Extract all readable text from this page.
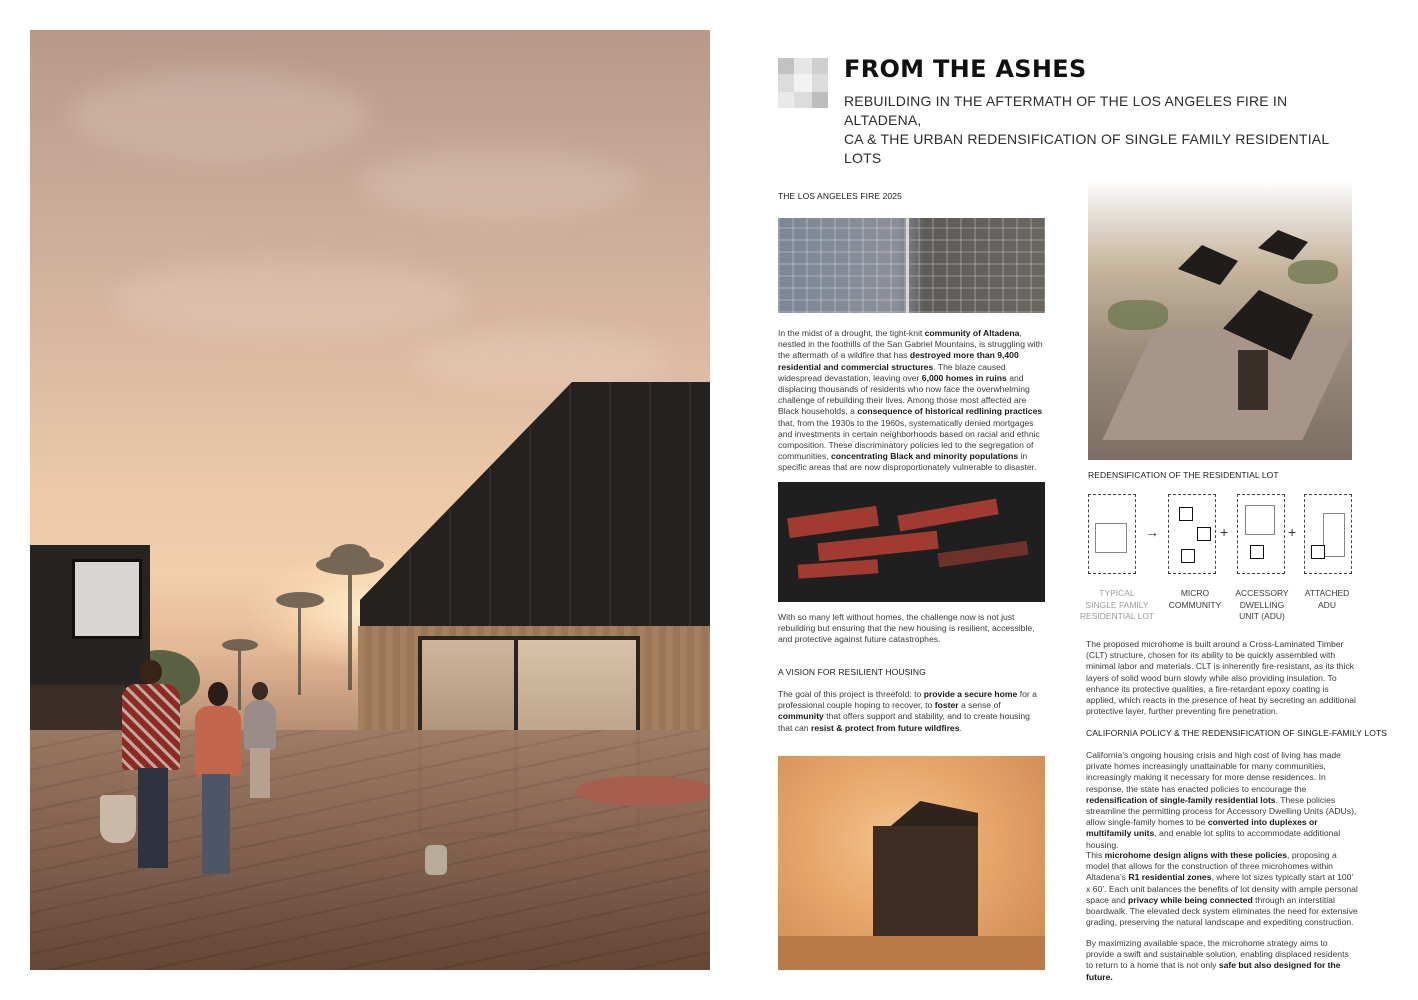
FROM THE ASHES
REBUILDING IN THE AFTERMATH OF THE LOS ANGELES FIRE IN ALTADENA,
CA & THE URBAN REDENSIFICATION OF SINGLE FAMILY RESIDENTIAL LOTS
THE LOS ANGELES FIRE 2025

In the midst of a drought, the tight-knit community of Altadena, nestled in the foothills of the San Gabriel Mountains, is struggling with the aftermath of a wildfire that has destroyed more than 9,400 residential and commercial structures. The blaze caused widespread devastation, leaving over 6,000 homes in ruins and displacing thousands of residents who now face the overwhelming challenge of rebuilding their lives. Among those most affected are Black households, a consequence of historical redlining practices that, from the 1930s to the 1960s, systematically denied mortgages and investments in certain neighborhoods based on racial and ethnic composition. These discriminatory policies led to the segregation of communities, concentrating Black and minority populations in specific areas that are now disproportionately vulnerable to disaster.

With so many left without homes, the challenge now is not just rebuilding but ensuring that the new housing is resilient, accessible, and protective against future catastrophes.

A VISION FOR RESILIENT HOUSING

The goal of this project is threefold: to provide a secure home for a professional couple hoping to recover, to foster a sense of community that offers support and stability, and to create housing that can resist & protect from future wildfires.

REDENSIFICATION OF THE RESIDENTIAL LOT
→	+	+
TYPICAL
SINGLE FAMILY
RESIDENTIAL LOT
MICRO
COMMUNITY
ACCESSORY
DWELLING
UNIT (ADU)
ATTACHED
ADU

The proposed microhome is built around a Cross-Laminated Timber (CLT) structure, chosen for its ability to be quickly assembled with minimal labor and materials. CLT is inherently fire-resistant, as its thick layers of solid wood burn slowly while also providing insulation. To enhance its protective qualities, a fire-retardant epoxy coating is applied, which reacts in the presence of heat by secreting an additional protective layer, further preventing fire penetration.

CALIFORNIA POLICY & THE REDENSIFICATION OF SINGLE-FAMILY LOTS

California’s ongoing housing crisis and high cost of living has made private homes increasingly unattainable for many communities, increasingly making it necessary for more dense residences. In response, the state has enacted policies to encourage the redensification of single-family residential lots. These policies streamline the permitting process for Accessory Dwelling Units (ADUs), allow single-family homes to be converted into duplexes or multifamily units, and enable lot splits to accommodate additional housing.

This microhome design aligns with these policies, proposing a model that allows for the construction of three microhomes within Altadena’s R1 residential zones, where lot sizes typically start at 100’ x 60’. Each unit balances the benefits of lot density with ample personal space and privacy while being connected through an interstitial boardwalk. The elevated deck system eliminates the need for extensive grading, preserving the natural landscape and expediting construction.

By maximizing available space, the microhome strategy aims to provide a swift and sustainable solution, enabling displaced residents to return to a home that is not only safe but also designed for the future.
